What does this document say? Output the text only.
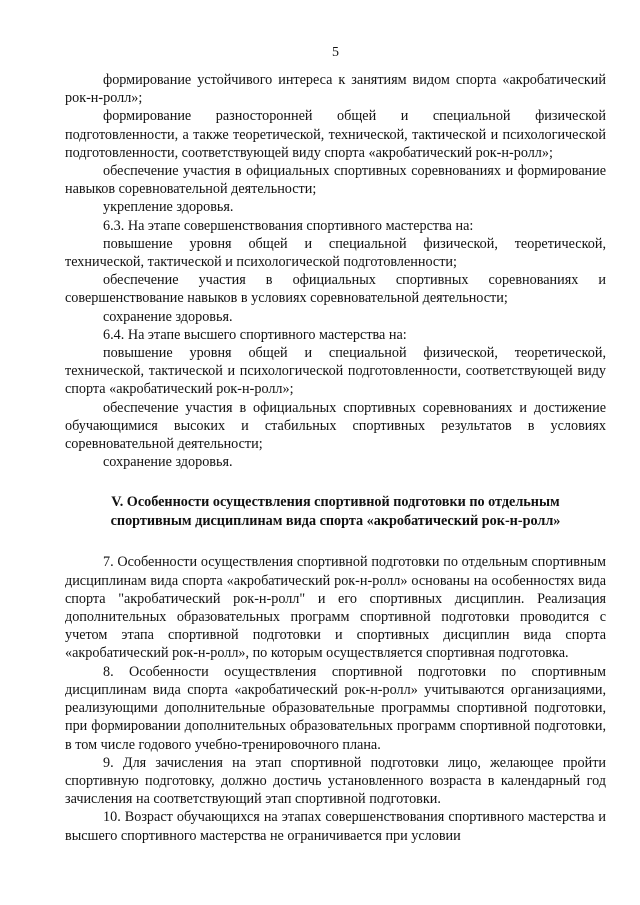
5

формирование устойчивого интереса к занятиям видом спорта «акробатический рок-н-ролл»;

формирование разносторонней общей и специальной физической подготовленности, а также теоретической, технической, тактической и психологической подготовленности, соответствующей виду спорта «акробатический рок-н-ролл»;

обеспечение участия в официальных спортивных соревнованиях и формирование навыков соревновательной деятельности;

укрепление здоровья.

6.3. На этапе совершенствования спортивного мастерства на:

повышение уровня общей и специальной физической, теоретической, технической, тактической и психологической подготовленности;

обеспечение участия в официальных спортивных соревнованиях и совершенствование навыков в условиях соревновательной деятельности;

сохранение здоровья.

6.4. На этапе высшего спортивного мастерства на:

повышение уровня общей и специальной физической, теоретической, технической, тактической и психологической подготовленности, соответствующей виду спорта «акробатический рок-н-ролл»;

обеспечение участия в официальных спортивных соревнованиях и достижение обучающимися высоких и стабильных спортивных результатов в условиях соревновательной деятельности;

сохранение здоровья.

V. Особенности осуществления спортивной подготовки по отдельным спортивным дисциплинам вида спорта «акробатический рок-н-ролл»

7. Особенности осуществления спортивной подготовки по отдельным спортивным дисциплинам вида спорта «акробатический рок-н-ролл» основаны на особенностях вида спорта "акробатический рок-н-ролл" и его спортивных дисциплин. Реализация дополнительных образовательных программ спортивной подготовки проводится с учетом этапа спортивной подготовки и спортивных дисциплин вида спорта «акробатический рок-н-ролл», по которым осуществляется спортивная подготовка.

8. Особенности осуществления спортивной подготовки по спортивным дисциплинам вида спорта «акробатический рок-н-ролл» учитываются организациями, реализующими дополнительные образовательные программы спортивной подготовки, при формировании дополнительных образовательных программ спортивной подготовки, в том числе годового учебно-тренировочного плана.

9. Для зачисления на этап спортивной подготовки лицо, желающее пройти спортивную подготовку, должно достичь установленного возраста в календарный год зачисления на соответствующий этап спортивной подготовки.

10. Возраст обучающихся на этапах совершенствования спортивного мастерства и высшего спортивного мастерства не ограничивается при условии
